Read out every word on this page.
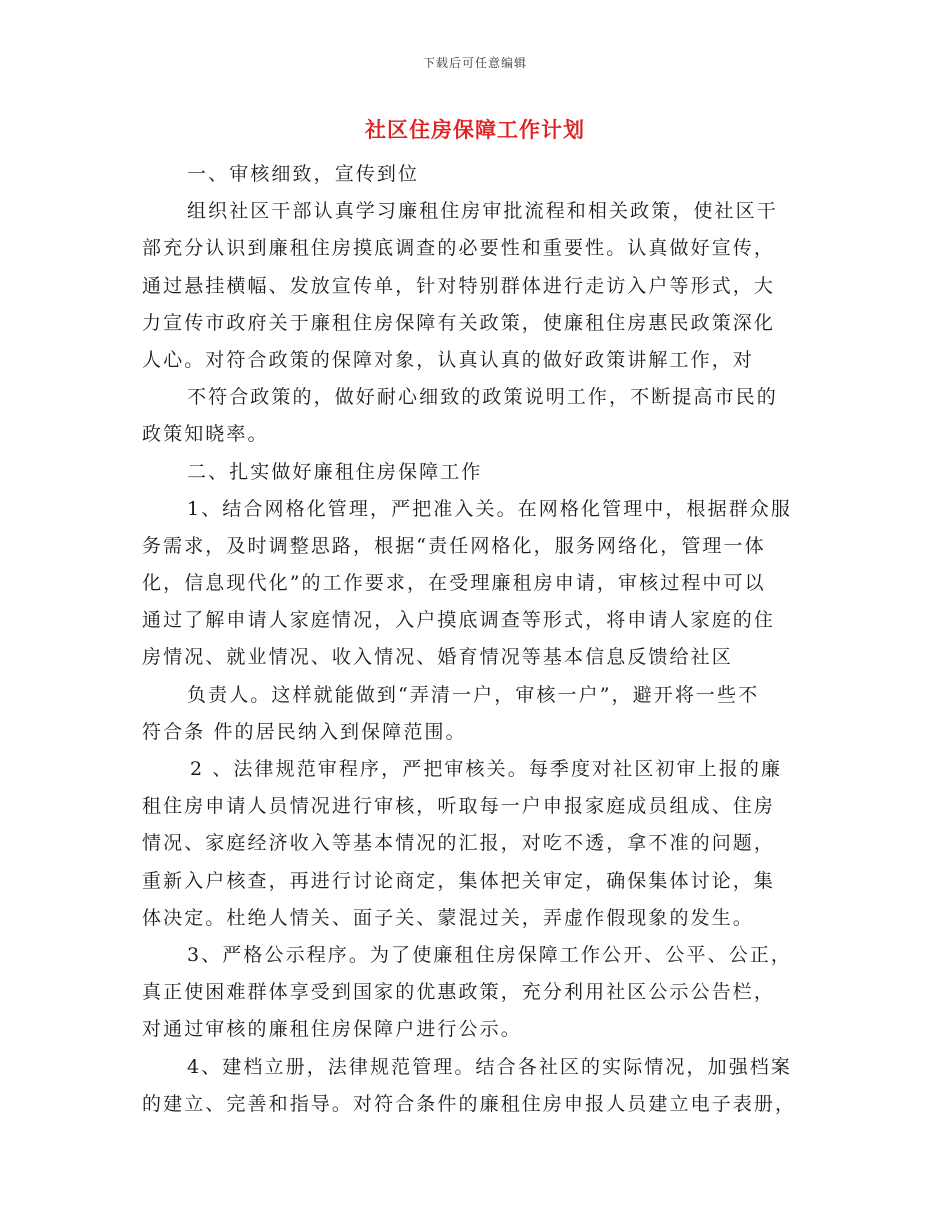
下载后可任意编辑
社区住房保障工作计划
一、审核细致，宣传到位
组织社区干部认真学习廉租住房审批流程和相关政策，使社区干
部充分认识到廉租住房摸底调查的必要性和重要性。认真做好宣传，
通过悬挂横幅、发放宣传单，针对特别群体进行走访入户等形式，大
力宣传市政府关于廉租住房保障有关政策，使廉租住房惠民政策深化
人心。对符合政策的保障对象，认真认真的做好政策讲解工作，对
不符合政策的，做好耐心细致的政策说明工作，不断提高市民的
政策知晓率。
二、扎实做好廉租住房保障工作
1、结合网格化管理，严把准入关。在网格化管理中，根据群众服
务需求，及时调整思路，根据“责任网格化，服务网络化，管理一体
化，信息现代化”的工作要求，在受理廉租房申请，审核过程中可以
通过了解申请人家庭情况，入户摸底调查等形式，将申请人家庭的住
房情况、就业情况、收入情况、婚育情况等基本信息反馈给社区
负责人。这样就能做到“弄清一户，审核一户”，避开将一些不
符合条 件的居民纳入到保障范围。
2 、法律规范审程序，严把审核关。每季度对社区初审上报的廉
租住房申请人员情况进行审核，听取每一户申报家庭成员组成、住房
情况、家庭经济收入等基本情况的汇报，对吃不透，拿不准的问题，
重新入户核查，再进行讨论商定，集体把关审定，确保集体讨论，集
体决定。杜绝人情关、面子关、蒙混过关，弄虚作假现象的发生。
3、严格公示程序。为了使廉租住房保障工作公开、公平、公正，
真正使困难群体享受到国家的优惠政策，充分利用社区公示公告栏，
对通过审核的廉租住房保障户进行公示。
4、建档立册，法律规范管理。结合各社区的实际情况，加强档案
的建立、完善和指导。对符合条件的廉租住房申报人员建立电子表册，
